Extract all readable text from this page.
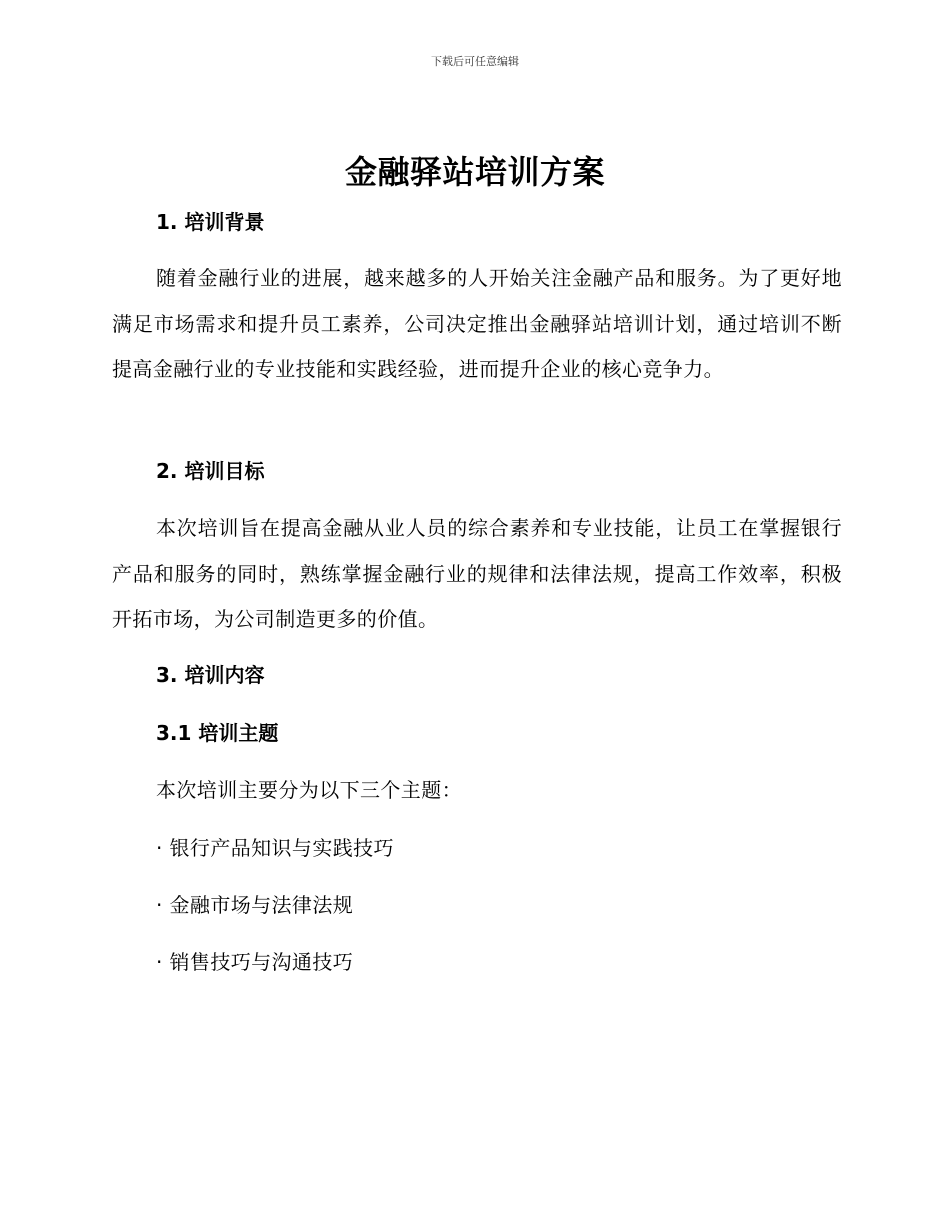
下载后可任意编辑
金融驿站培训方案
1. 培训背景
随着金融行业的进展，越来越多的人开始关注金融产品和服务。为了更好地满足市场需求和提升员工素养，公司决定推出金融驿站培训计划，通过培训不断提高金融行业的专业技能和实践经验，进而提升企业的核心竞争力。
2. 培训目标
本次培训旨在提高金融从业人员的综合素养和专业技能，让员工在掌握银行产品和服务的同时，熟练掌握金融行业的规律和法律法规，提高工作效率，积极开拓市场，为公司制造更多的价值。
3. 培训内容
3.1 培训主题
本次培训主要分为以下三个主题：
· 银行产品知识与实践技巧
· 金融市场与法律法规
· 销售技巧与沟通技巧
